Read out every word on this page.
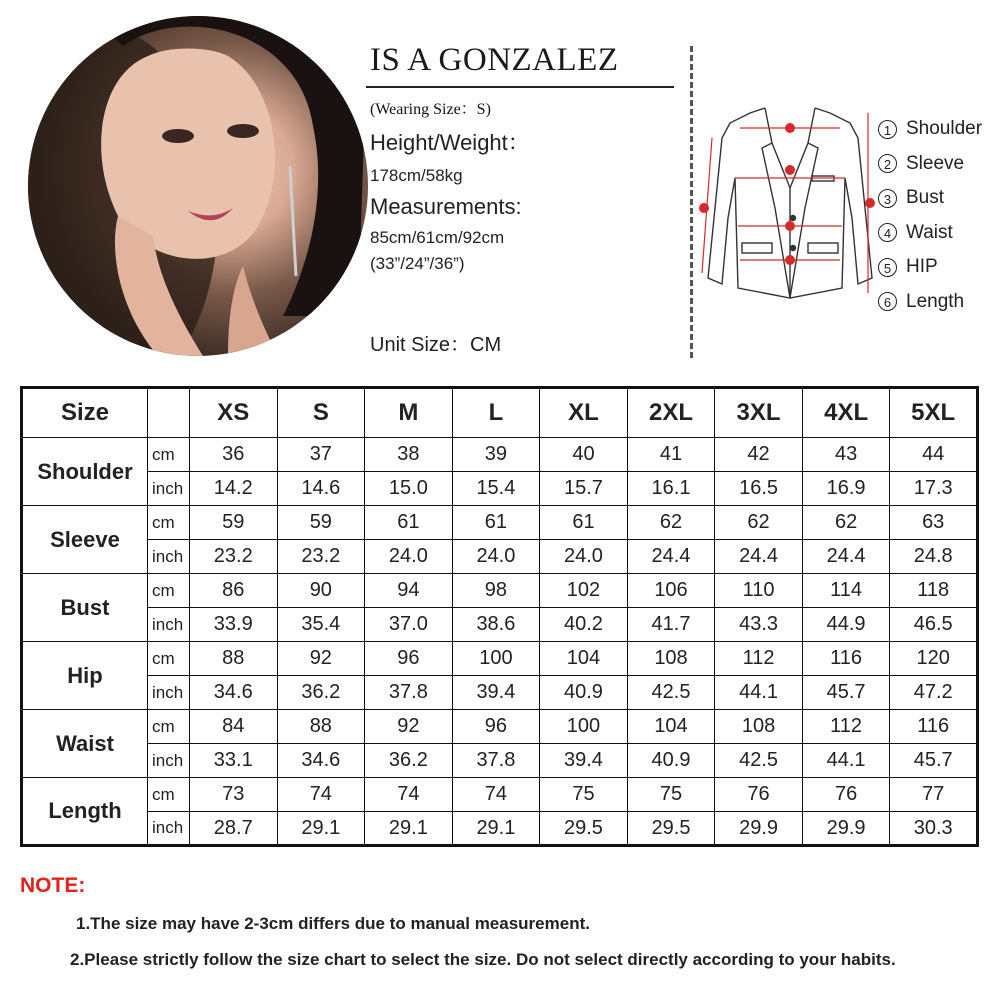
IS A GONZALEZ
(Wearing Size：S)
Height/Weight：
178cm/58kg
Measurements:
85cm/61cm/92cm
(33”/24”/36”)
Unit Size：CM
1 Shoulder
2 Sleeve
3 Bust
4 Waist
5 HIP
6 Length
Size		XS	S	M	L	XL	2XL	3XL	4XL	5XL
Shoulder	cm	36	37	38	39	40	41	42	43	44
	inch	14.2	14.6	15.0	15.4	15.7	16.1	16.5	16.9	17.3
Sleeve	cm	59	59	61	61	61	62	62	62	63
	inch	23.2	23.2	24.0	24.0	24.0	24.4	24.4	24.4	24.8
Bust	cm	86	90	94	98	102	106	110	114	118
	inch	33.9	35.4	37.0	38.6	40.2	41.7	43.3	44.9	46.5
Hip	cm	88	92	96	100	104	108	112	116	120
	inch	34.6	36.2	37.8	39.4	40.9	42.5	44.1	45.7	47.2
Waist	cm	84	88	92	96	100	104	108	112	116
	inch	33.1	34.6	36.2	37.8	39.4	40.9	42.5	44.1	45.7
Length	cm	73	74	74	74	75	75	76	76	77
	inch	28.7	29.1	29.1	29.1	29.5	29.5	29.9	29.9	30.3
NOTE:
1.The size may have 2-3cm differs due to manual measurement.
2.Please strictly follow the size chart to select the size. Do not select directly according to your habits.
